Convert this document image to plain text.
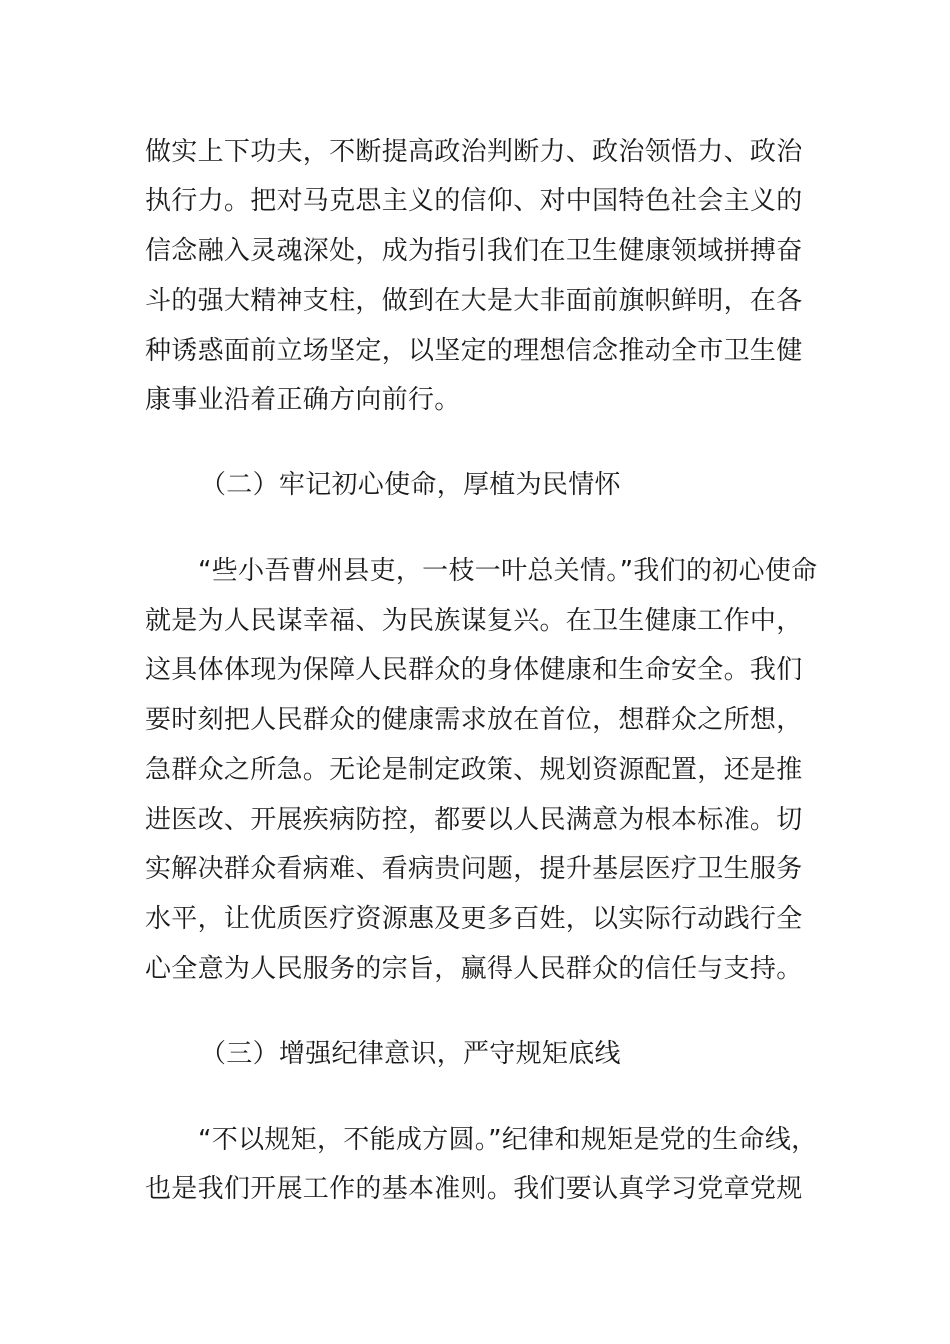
做实上下功夫，不断提高政治判断力、政治领悟力、政治
执行力。把对马克思主义的信仰、对中国特色社会主义的
信念融入灵魂深处，成为指引我们在卫生健康领域拼搏奋
斗的强大精神支柱，做到在大是大非面前旗帜鲜明，在各
种诱惑面前立场坚定，以坚定的理想信念推动全市卫生健
康事业沿着正确方向前行。
（二）牢记初心使命，厚植为民情怀
“些小吾曹州县吏，一枝一叶总关情。”我们的初心使命
就是为人民谋幸福、为民族谋复兴。在卫生健康工作中，
这具体体现为保障人民群众的身体健康和生命安全。我们
要时刻把人民群众的健康需求放在首位，想群众之所想，
急群众之所急。无论是制定政策、规划资源配置，还是推
进医改、开展疾病防控，都要以人民满意为根本标准。切
实解决群众看病难、看病贵问题，提升基层医疗卫生服务
水平，让优质医疗资源惠及更多百姓，以实际行动践行全
心全意为人民服务的宗旨，赢得人民群众的信任与支持。
（三）增强纪律意识，严守规矩底线
“不以规矩，不能成方圆。”纪律和规矩是党的生命线，
也是我们开展工作的基本准则。我们要认真学习党章党规
